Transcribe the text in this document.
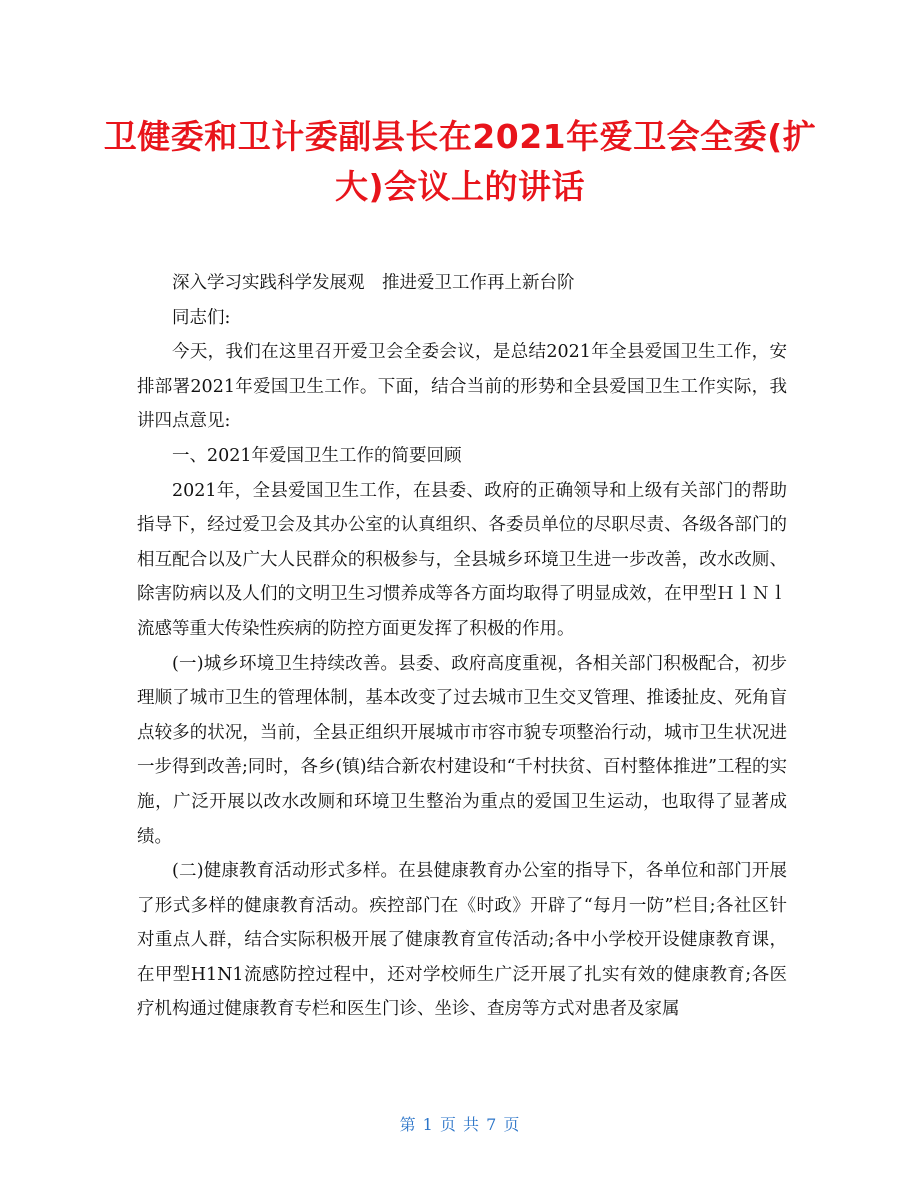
卫健委和卫计委副县长在2021年爱卫会全委(扩大)会议上的讲话

深入学习实践科学发展观　推进爱卫工作再上新台阶

同志们:

今天，我们在这里召开爱卫会全委会议，是总结2021年全县爱国卫生工作，安排部署2021年爱国卫生工作。下面，结合当前的形势和全县爱国卫生工作实际，我讲四点意见:

一、2021年爱国卫生工作的简要回顾

2021年，全县爱国卫生工作，在县委、政府的正确领导和上级有关部门的帮助指导下，经过爱卫会及其办公室的认真组织、各委员单位的尽职尽责、各级各部门的相互配合以及广大人民群众的积极参与，全县城乡环境卫生进一步改善，改水改厕、除害防病以及人们的文明卫生习惯养成等各方面均取得了明显成效，在甲型ＨｌＮｌ流感等重大传染性疾病的防控方面更发挥了积极的作用。

(一)城乡环境卫生持续改善。县委、政府高度重视，各相关部门积极配合，初步理顺了城市卫生的管理体制，基本改变了过去城市卫生交叉管理、推诿扯皮、死角盲点较多的状况，当前，全县正组织开展城市市容市貌专项整治行动，城市卫生状况进一步得到改善;同时，各乡(镇)结合新农村建设和“千村扶贫、百村整体推进”工程的实施，广泛开展以改水改厕和环境卫生整治为重点的爱国卫生运动，也取得了显著成绩。

(二)健康教育活动形式多样。在县健康教育办公室的指导下，各单位和部门开展了形式多样的健康教育活动。疾控部门在《时政》开辟了“每月一防”栏目;各社区针对重点人群，结合实际积极开展了健康教育宣传活动;各中小学校开设健康教育课，在甲型H1N1流感防控过程中，还对学校师生广泛开展了扎实有效的健康教育;各医疗机构通过健康教育专栏和医生门诊、坐诊、查房等方式对患者及家属

第 1 页 共 7 页
